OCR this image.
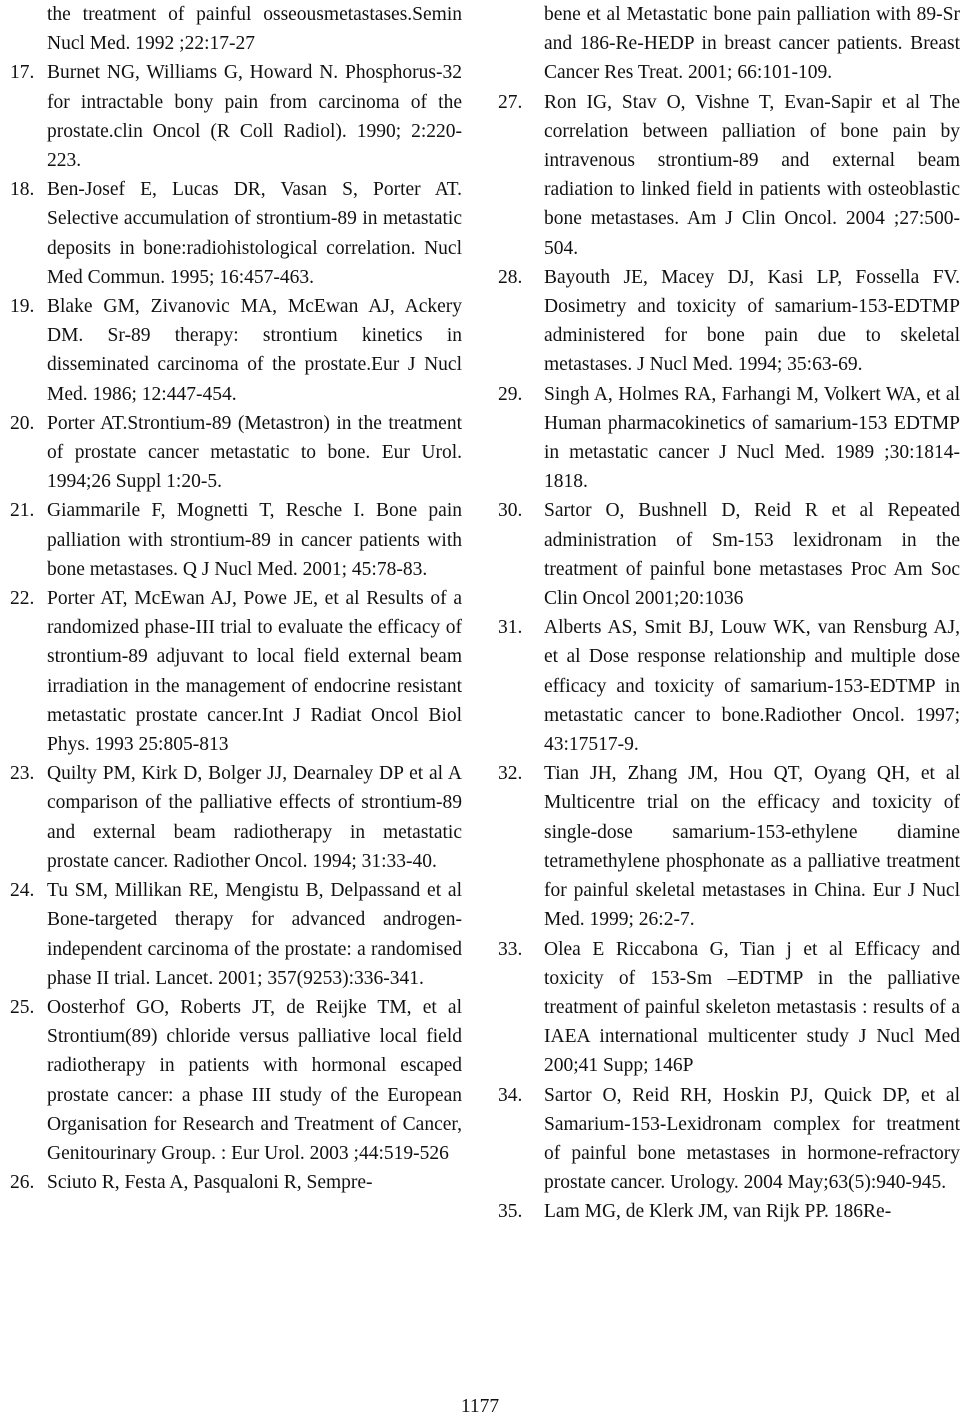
the treatment of painful osseousmetastases.Semin Nucl Med. 1992 ;22:17-27

17. Burnet NG, Williams G, Howard N. Phosphorus-32 for intractable bony pain from carcinoma of the prostate.clin Oncol (R Coll Radiol). 1990; 2:220-223.
18. Ben-Josef E, Lucas DR, Vasan S, Porter AT. Selective accumulation of strontium-89 in metastatic deposits in bone:radiohistological correlation. Nucl Med Commun. 1995; 16:457-463.
19. Blake GM, Zivanovic MA, McEwan AJ, Ackery DM. Sr-89 therapy: strontium kinetics in disseminated carcinoma of the prostate.Eur J Nucl Med. 1986; 12:447-454.
20. Porter AT.Strontium-89 (Metastron) in the treatment of prostate cancer metastatic to bone. Eur Urol. 1994;26 Suppl 1:20-5.
21. Giammarile F, Mognetti T, Resche I. Bone pain palliation with strontium-89 in cancer patients with bone metastases. Q J Nucl Med. 2001; 45:78-83.
22. Porter AT, McEwan AJ, Powe JE, et al Results of a randomized phase-III trial to evaluate the efficacy of strontium-89 adjuvant to local field external beam irradiation in the management of endocrine resistant metastatic prostate cancer.Int J Radiat Oncol Biol Phys. 1993 25:805-813
23. Quilty PM, Kirk D, Bolger JJ, Dearnaley DP et al A comparison of the palliative effects of strontium-89 and external beam radiotherapy in metastatic prostate cancer. Radiother Oncol. 1994; 31:33-40.
24. Tu SM, Millikan RE, Mengistu B, Delpassand et al Bone-targeted therapy for advanced androgen-independent carcinoma of the prostate: a randomised phase II trial. Lancet. 2001; 357(9253):336-341.
25. Oosterhof GO, Roberts JT, de Reijke TM, et al Strontium(89) chloride versus palliative local field radiotherapy in patients with hormonal escaped prostate cancer: a phase III study of the European Organisation for Research and Treatment of Cancer, Genitourinary Group. : Eur Urol. 2003 ;44:519-526
26. Sciuto R, Festa A, Pasqualoni R, Sempre-

bene et al Metastatic bone pain palliation with 89-Sr and 186-Re-HEDP in breast cancer patients. Breast Cancer Res Treat. 2001; 66:101-109.

27. Ron IG, Stav O, Vishne T, Evan-Sapir et al The correlation between palliation of bone pain by intravenous strontium-89 and external beam radiation to linked field in patients with osteoblastic bone metastases. Am J Clin Oncol. 2004 ;27:500-504.
28. Bayouth JE, Macey DJ, Kasi LP, Fossella FV. Dosimetry and toxicity of samarium-153-EDTMP administered for bone pain due to skeletal metastases. J Nucl Med. 1994; 35:63-69.
29. Singh A, Holmes RA, Farhangi M, Volkert WA, et al Human pharmacokinetics of samarium-153 EDTMP in metastatic cancer J Nucl Med. 1989 ;30:1814-1818.
30. Sartor O, Bushnell D, Reid R et al Repeated administration of Sm-153 lexidronam in the treatment of painful bone metastases Proc Am Soc Clin Oncol 2001;20:1036
31. Alberts AS, Smit BJ, Louw WK, van Rensburg AJ, et al Dose response relationship and multiple dose efficacy and toxicity of samarium-153-EDTMP in metastatic cancer to bone.Radiother Oncol. 1997; 43:17517-9.
32. Tian JH, Zhang JM, Hou QT, Oyang QH, et al Multicentre trial on the efficacy and toxicity of single-dose samarium-153-ethylene diamine tetramethylene phosphonate as a palliative treatment for painful skeletal metastases in China. Eur J Nucl Med. 1999; 26:2-7.
33. Olea E Riccabona G, Tian j et al Efficacy and toxicity of 153-Sm –EDTMP in the palliative treatment of painful skeleton metastasis : results of a IAEA international multicenter study J Nucl Med 200;41 Supp; 146P
34. Sartor O, Reid RH, Hoskin PJ, Quick DP, et al Samarium-153-Lexidronam complex for treatment of painful bone metastases in hormone-refractory prostate cancer. Urology. 2004 May;63(5):940-945.
35. Lam MG, de Klerk JM, van Rijk PP. 186Re-
1177
